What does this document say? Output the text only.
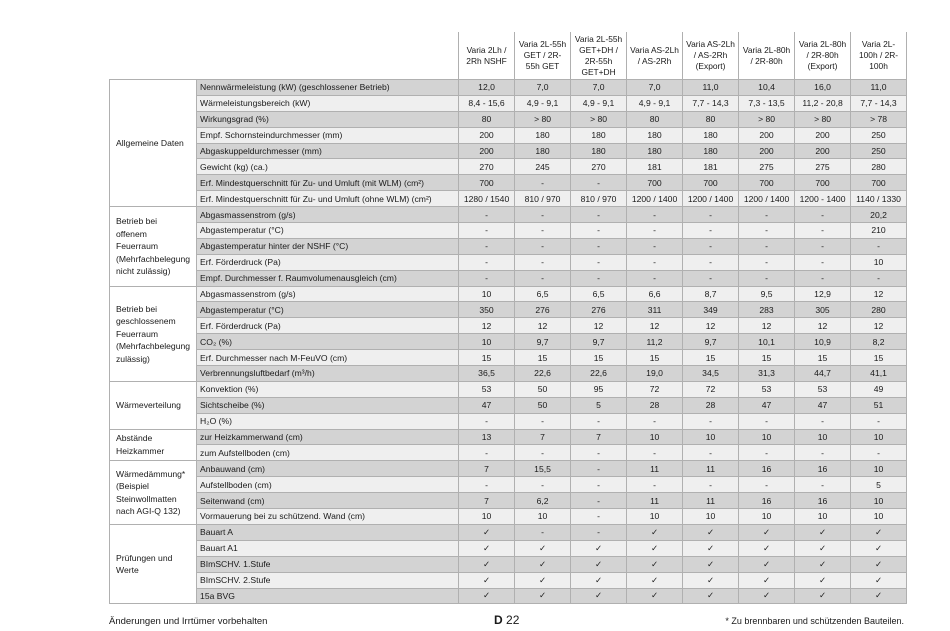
		Varia 2Lh / 2Rh NSHF	Varia 2L-55h GET / 2R-55h GET	Varia 2L-55h GET+DH / 2R-55h GET+DH	Varia AS-2Lh / AS-2Rh	Varia AS-2Lh / AS-2Rh (Export)	Varia 2L-80h / 2R-80h	Varia 2L-80h / 2R-80h (Export)	Varia 2L-100h / 2R-100h
Allgemeine Daten	Nennwärmeleistung (kW) (geschlossener Betrieb)	12,0	7,0	7,0	7,0	11,0	10,4	16,0	11,0
	Wärmeleistungsbereich (kW)	8,4 - 15,6	4,9 - 9,1	4,9 - 9,1	4,9 - 9,1	7,7 - 14,3	7,3 - 13,5	11,2 - 20,8	7,7 - 14,3
	Wirkungsgrad (%)	80	> 80	> 80	80	80	> 80	> 80	> 78
	Empf. Schornsteindurchmesser (mm)	200	180	180	180	180	200	200	250
	Abgaskuppeldurchmesser (mm)	200	180	180	180	180	200	200	250
	Gewicht (kg) (ca.)	270	245	270	181	181	275	275	280
	Erf. Mindestquerschnitt für Zu- und Umluft (mit WLM) (cm²)	700	-	-	700	700	700	700	700
	Erf. Mindestquerschnitt für Zu- und Umluft (ohne WLM) (cm²)	1280 / 1540	810 / 970	810 / 970	1200 / 1400	1200 / 1400	1200 / 1400	1200 - 1400	1140 / 1330
Betrieb bei offenem Feuerraum (Mehrfachbelegung nicht zulässig)	Abgasmassenstrom (g/s)	-	-	-	-	-	-	-	20,2
	Abgastemperatur (°C)	-	-	-	-	-	-	-	210
	Abgastemperatur hinter der NSHF (°C)	-	-	-	-	-	-	-	-
	Erf. Förderdruck (Pa)	-	-	-	-	-	-	-	10
	Empf. Durchmesser f. Raumvolumenausgleich (cm)	-	-	-	-	-	-	-	-
Betrieb bei geschlossenem Feuerraum (Mehrfachbelegung zulässig)	Abgasmassenstrom (g/s)	10	6,5	6,5	6,6	8,7	9,5	12,9	12
	Abgastemperatur (°C)	350	276	276	311	349	283	305	280
	Erf. Förderdruck (Pa)	12	12	12	12	12	12	12	12
	CO₂ (%)	10	9,7	9,7	11,2	9,7	10,1	10,9	8,2
	Erf. Durchmesser nach M-FeuVO (cm)	15	15	15	15	15	15	15	15
	Verbrennungsluftbedarf (m³/h)	36,5	22,6	22,6	19,0	34,5	31,3	44,7	41,1
Wärmeverteilung	Konvektion (%)	53	50	95	72	72	53	53	49
	Sichtscheibe (%)	47	50	5	28	28	47	47	51
	H₂O (%)	-	-	-	-	-	-	-	-
Abstände Heizkammer	zur Heizkammerwand (cm)	13	7	7	10	10	10	10	10
	zum Aufstellboden (cm)	-	-	-	-	-	-	-	-
Wärmedämmung* (Beispiel Steinwollmatten nach AGI-Q 132)	Anbauwand (cm)	7	15,5	-	11	11	16	16	10
	Aufstellboden (cm)	-	-	-	-	-	-	-	5
	Seitenwand (cm)	7	6,2	-	11	11	16	16	10
	Vormauerung bei zu schützend. Wand (cm)	10	10	-	10	10	10	10	10
Prüfungen und Werte	Bauart A	✓	-	-	✓	✓	✓	✓	✓
	Bauart A1	✓	✓	✓	✓	✓	✓	✓	✓
	BImSCHV. 1.Stufe	✓	✓	✓	✓	✓	✓	✓	✓
	BImSCHV. 2.Stufe	✓	✓	✓	✓	✓	✓	✓	✓
	15a BVG	✓	✓	✓	✓	✓	✓	✓	✓
Änderungen und Irrtümer vorbehalten	D 22	* Zu brennbaren und schützenden Bauteilen.
